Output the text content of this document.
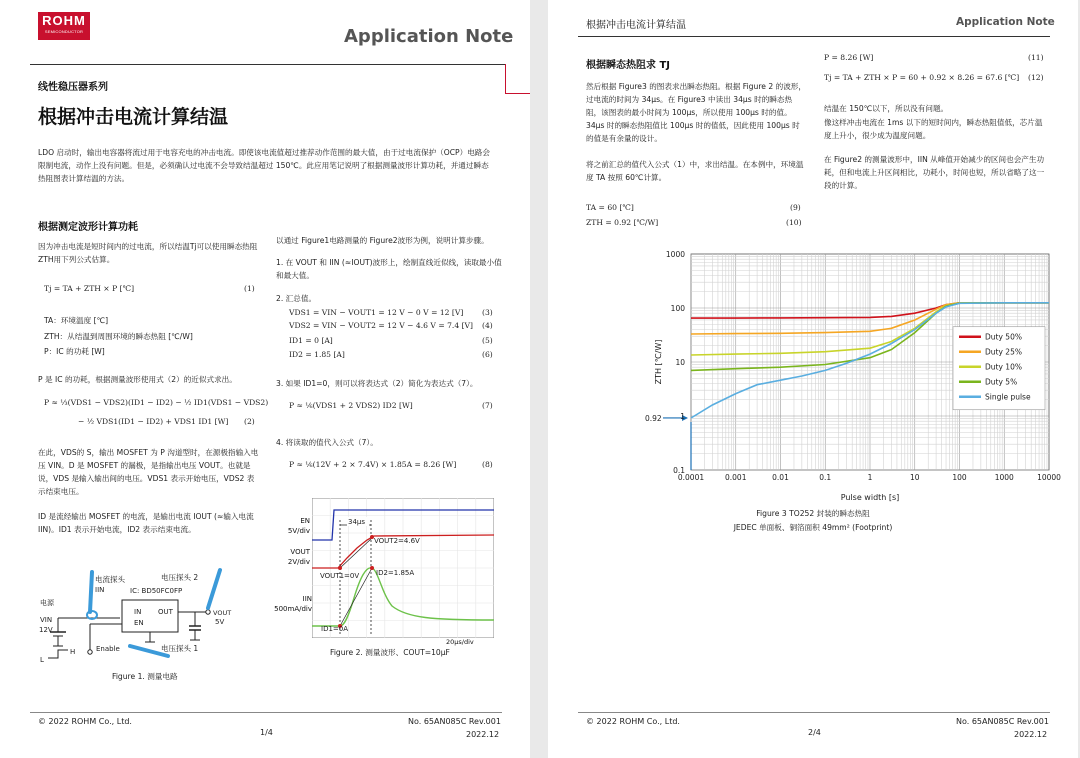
ROHM
SEMICONDUCTOR	Application Note
线性稳压器系列
根据冲击电流计算结温
LDO 启动时，输出电容器将流过用于电容充电的冲击电流。即使该电流值超过推荐动作范围的最大值，由于过电流保护（OCP）电路会限制电流，动作上没有问题。但是，必须确认过电流不会导致结温超过 150℃。此应用笔记说明了根据测量波形计算功耗，并通过瞬态热阻图表计算结温的方法。
根据测定波形计算功耗
因为冲击电流是短时间内的过电流，所以结温Tj可以使用瞬态热阻ZTH用下列公式估算。
Tj = TA + ZTH × P [℃]	(1)
TA：环境温度 [℃]
ZTH：从结温到周围环境的瞬态热阻 [℃/W]
P：IC 的功耗 [W]
P 是 IC 的功耗，根据测量波形使用式（2）的近似式求出。
P ≈ ⅓(VDS1 − VDS2)(ID1 − ID2) − ½ ID1(VDS1 − VDS2)
− ½ VDS1(ID1 − ID2) + VDS1 ID1 [W] (2)
在此，VDS的 S，输出 MOSFET 为 P 沟道型时，在源极指输入电压 VIN。D 是 MOSFET 的漏极，是指输出电压 VOUT。也就是说，VDS 是输入输出间的电压。VDS1 表示开始电压，VDS2 表示结束电压。
ID 是流经输出 MOSFET 的电流，是输出电流 IOUT (≈输入电流IIN)。ID1 表示开始电流，ID2 表示结束电流。
以通过 Figure1电路测量的 Figure2波形为例，说明计算步骤。
1. 在 VOUT 和 IIN (≈IOUT)波形上，绘制直线近似线，读取最小值和最大值。
2. 汇总值。
VDS1 = VIN − VOUT1 = 12 V − 0 V = 12 [V] (3)
VDS2 = VIN − VOUT2 = 12 V − 4.6 V = 7.4 [V] (4)
ID1 = 0 [A]	(5)
ID2 = 1.85 [A]	(6)
3. 如果 ID1=0，则可以将表达式（2）简化为表达式（7）。
P ≈ ⅙(VDS1 + 2 VDS2) ID2 [W]	(7)
4. 将读取的值代入公式（7）。
P ≈ ⅙(12V + 2 × 7.4V) × 1.85A = 8.26 [W]	(8)
电流探头
IIN
电压探头 2
IC: BD50FC0FP
电源
VIN
12V
IN OUT
EN
VOUT
5V
Enable	电压探头 1
L
H
Figure 1. 测量电路
EN
5V/div
VOUT
2V/div
IIN
500mA/div
34μs
VOUT2=4.6V
VOUT1=0V ID2=1.85A
ID1=0A
20μs/div
Figure 2. 测量波形、COUT=10μF
© 2022 ROHM Co., Ltd.
1/4
No. 65AN085C Rev.001
2022.12
根据冲击电流计算结温	Application Note
根据瞬态热阻求 TJ
然后根据 Figure3 的图表求出瞬态热阻。根据 Figure 2 的波形，过电流的时间为 34μs。在 Figure3 中读出 34μs 时的瞬态热阻，该图表的最小时间为 100μs，所以使用 100μs 时的值。34μs 时的瞬态热阻值比 100μs 时的值低，因此使用 100μs 时的值是有余量的设计。
将之前汇总的值代入公式（1）中，求出结温。在本例中，环境温度 TA 按照 60℃计算。
TA = 60 [℃]	(9)
ZTH = 0.92 [℃/W]	(10)
P = 8.26 [W]	(11)
Tj = TA + ZTH × P = 60 + 0.92 × 8.26 = 67.6 [℃] (12)
结温在 150℃以下，所以没有问题。
像这样冲击电流在 1ms 以下的短时间内，瞬态热阻值低，芯片温度上升小，很少成为温度问题。
在 Figure2 的测量波形中，IIN 从峰值开始减少的区间也会产生功耗，但和电流上升区间相比，功耗小，时间也短，所以省略了这一段的计算。
0.0001	0.001	0.01	0.1	1	10	100	1000	10000
0.1
1
10
100
1000
Duty 50%
Duty 25%
Duty 10%
Duty 5%
Single pulse
0.92
Pulse width [s]
ZTH [℃/W]
Figure 3 TO252 封装的瞬态热阻
JEDEC 单面板、铜箔面积 49mm² (Footprint)
© 2022 ROHM Co., Ltd.
2/4
No. 65AN085C Rev.001
2022.12
